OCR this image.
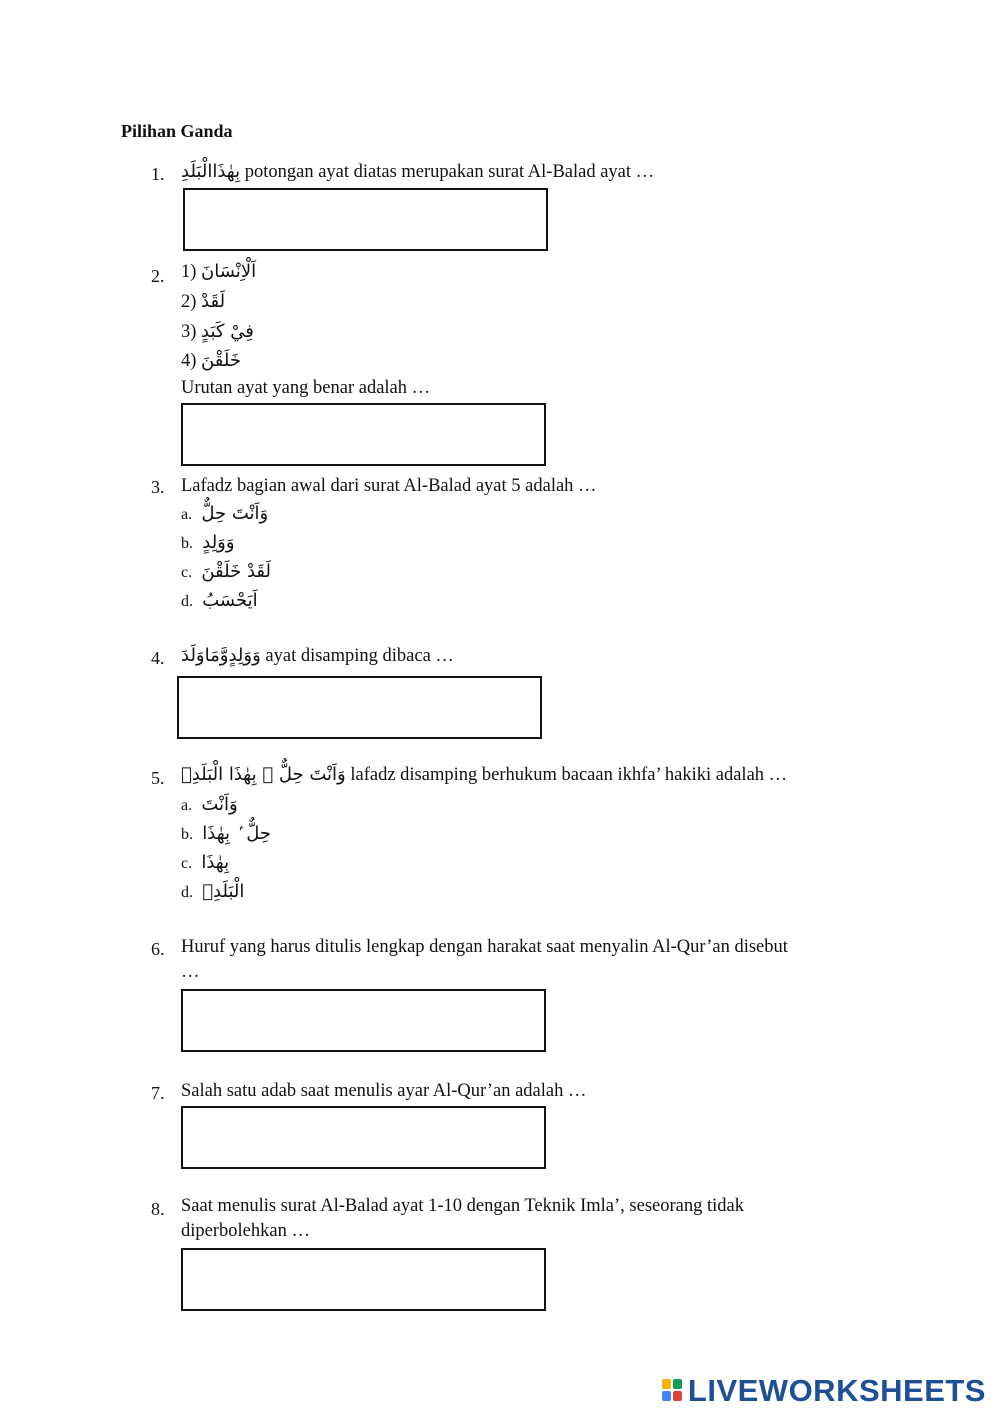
Pilihan Ganda
1. بِهٰذَاالْبَلَدِ potongan ayat diatas merupakan surat Al-Balad ayat …
2. 1) اَلْاِنْسَانَ
2) لَقَدْ
3) فِيْ كَبَدٍ
4) خَلَقْنَ
Urutan ayat yang benar adalah …
3. Lafadz bagian awal dari surat Al-Balad ayat 5 adalah …
a. وَاَنْتَ حِلٌّ
b. وَوَلِدٍ
c. لَقَدْ خَلَقْنَ
d. اَيَحْسَبُ
4. وَوَلِدٍوَّمَاوَلَدَ ayat disamping dibaca …
5. وَاَنْتَ حِلٌّ ۢ بِهٰذَا الْبَلَدِۙ lafadz disamping berhukum bacaan ikhfa’ hakiki adalah …
a. وَاَنْتَ
b. حِلٌّ ۢ بِهٰذَا
c. بِهٰذَا
d. الْبَلَدِۙ
6. Huruf yang harus ditulis lengkap dengan harakat saat menyalin Al-Qur’an disebut
…
7. Salah satu adab saat menulis ayar Al-Qur’an adalah …
8. Saat menulis surat Al-Balad ayat 1-10 dengan Teknik Imla’, seseorang tidak
diperbolehkan …
LIVEWORKSHEETS
